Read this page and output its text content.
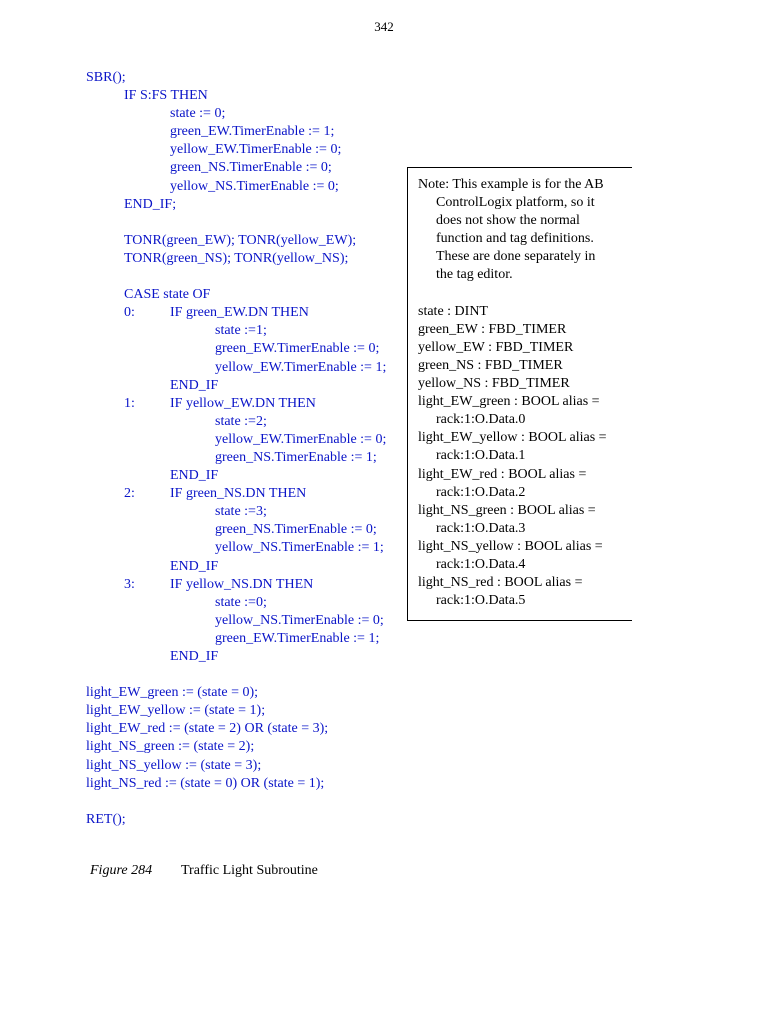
342
SBR();
IF S:FS THEN
state := 0;
green_EW.TimerEnable := 1;
yellow_EW.TimerEnable := 0;
green_NS.TimerEnable := 0;
yellow_NS.TimerEnable := 0;
END_IF;
TONR(green_EW); TONR(yellow_EW);
TONR(green_NS); TONR(yellow_NS);
CASE state OF
0:	IF green_EW.DN THEN
state :=1;
green_EW.TimerEnable := 0;
yellow_EW.TimerEnable := 1;
END_IF
1:	IF yellow_EW.DN THEN
state :=2;
yellow_EW.TimerEnable := 0;
green_NS.TimerEnable := 1;
END_IF
2:	IF green_NS.DN THEN
state :=3;
green_NS.TimerEnable := 0;
yellow_NS.TimerEnable := 1;
END_IF
3:	IF yellow_NS.DN THEN
state :=0;
yellow_NS.TimerEnable := 0;
green_EW.TimerEnable := 1;
END_IF
light_EW_green := (state = 0);
light_EW_yellow := (state = 1);
light_EW_red := (state = 2) OR (state = 3);
light_NS_green := (state = 2);
light_NS_yellow := (state = 3);
light_NS_red := (state = 0) OR (state = 1);
RET();
Note: This example is for the AB
ControlLogix platform, so it
does not show the normal
function and tag definitions.
These are done separately in
the tag editor.
state : DINT
green_EW : FBD_TIMER
yellow_EW : FBD_TIMER
green_NS : FBD_TIMER
yellow_NS : FBD_TIMER
light_EW_green : BOOL alias =
rack:1:O.Data.0
light_EW_yellow : BOOL alias =
rack:1:O.Data.1
light_EW_red : BOOL alias =
rack:1:O.Data.2
light_NS_green : BOOL alias =
rack:1:O.Data.3
light_NS_yellow : BOOL alias =
rack:1:O.Data.4
light_NS_red : BOOL alias =
rack:1:O.Data.5
Figure 284 Traffic Light Subroutine
